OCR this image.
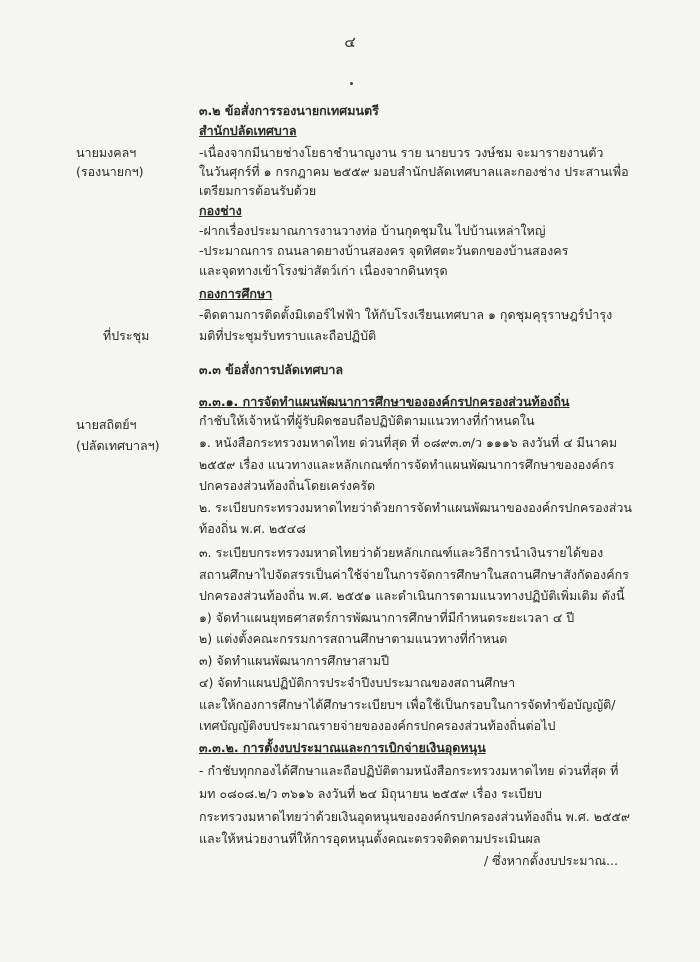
๔
๓.๒ ข้อสั่งการรองนายกเทศมนตรี
สำนักปลัดเทศบาล
นายมงคลฯ
(รองนายกฯ)
-เนื่องจากมีนายช่างโยธาชำนาญงาน ราย นายบวร วงษ์ชม จะมารายงานตัว
ในวันศุกร์ที่ ๑ กรกฎาคม ๒๕๕๙ มอบสำนักปลัดเทศบาลและกองช่าง ประสานเพื่อ
เตรียมการต้อนรับด้วย
กองช่าง
-ฝากเรื่องประมาณการงานวางท่อ บ้านกุดชุมใน ไปบ้านเหล่าใหญ่
-ประมาณการ ถนนลาดยางบ้านสองคร จุดทิศตะวันตกของบ้านสองคร
และจุดทางเข้าโรงฆ่าสัตว์เก่า เนื่องจากดินทรุด
กองการศึกษา
-ติดตามการติดตั้งมิเตอร์ไฟฟ้า ให้กับโรงเรียนเทศบาล ๑ กุดชุมคุรุราษฎร์บำรุง
ที่ประชุม	มติที่ประชุมรับทราบและถือปฏิบัติ
๓.๓ ข้อสั่งการปลัดเทศบาล
๓.๓.๑. การจัดทำแผนพัฒนาการศึกษาขององค์กรปกครองส่วนท้องถิ่น
นายสถิตย์ฯ
(ปลัดเทศบาลฯ)
กำชับให้เจ้าหน้าที่ผู้รับผิดชอบถือปฏิบัติตามแนวทางที่กำหนดใน
๑. หนังสือกระทรวงมหาดไทย ด่วนที่สุด ที่ ๐๘๙๓.๓/ว ๑๑๑๖ ลงวันที่ ๔ มีนาคม
๒๕๕๙ เรื่อง แนวทางและหลักเกณฑ์การจัดทำแผนพัฒนาการศึกษาขององค์กร
ปกครองส่วนท้องถิ่นโดยเคร่งครัด
๒. ระเบียบกระทรวงมหาดไทยว่าด้วยการจัดทำแผนพัฒนาขององค์กรปกครองส่วน
ท้องถิ่น พ.ศ. ๒๕๔๘
๓. ระเบียบกระทรวงมหาดไทยว่าด้วยหลักเกณฑ์และวิธีการนำเงินรายได้ของ
สถานศึกษาไปจัดสรรเป็นค่าใช้จ่ายในการจัดการศึกษาในสถานศึกษาสังกัดองค์กร
ปกครองส่วนท้องถิ่น พ.ศ. ๒๕๕๑ และดำเนินการตามแนวทางปฏิบัติเพิ่มเติม ดังนี้
๑) จัดทำแผนยุทธศาสตร์การพัฒนาการศึกษาที่มีกำหนดระยะเวลา ๔ ปี
๒) แต่งตั้งคณะกรรมการสถานศึกษาตามแนวทางที่กำหนด
๓) จัดทำแผนพัฒนาการศึกษาสามปี
๔) จัดทำแผนปฏิบัติการประจำปีงบประมาณของสถานศึกษา
และให้กองการศึกษาได้ศึกษาระเบียบฯ เพื่อใช้เป็นกรอบในการจัดทำข้อบัญญัติ/
เทศบัญญัติงบประมาณรายจ่ายขององค์กรปกครองส่วนท้องถิ่นต่อไป
๓.๓.๒. การตั้งงบประมาณและการเบิกจ่ายเงินอุดหนุน
- กำชับทุกกองได้ศึกษาและถือปฏิบัติตามหนังสือกระทรวงมหาดไทย ด่วนที่สุด ที่
มท ๐๘๐๘.๒/ว ๓๖๑๖ ลงวันที่ ๒๔ มิถุนายน ๒๕๕๙ เรื่อง ระเบียบ
กระทรวงมหาดไทยว่าด้วยเงินอุดหนุนขององค์กรปกครองส่วนท้องถิ่น พ.ศ. ๒๕๕๙
และให้หน่วยงานที่ให้การอุดหนุนตั้งคณะตรวจติดตามประเมินผล
/ ซึ่งหากตั้งงบประมาณ...
